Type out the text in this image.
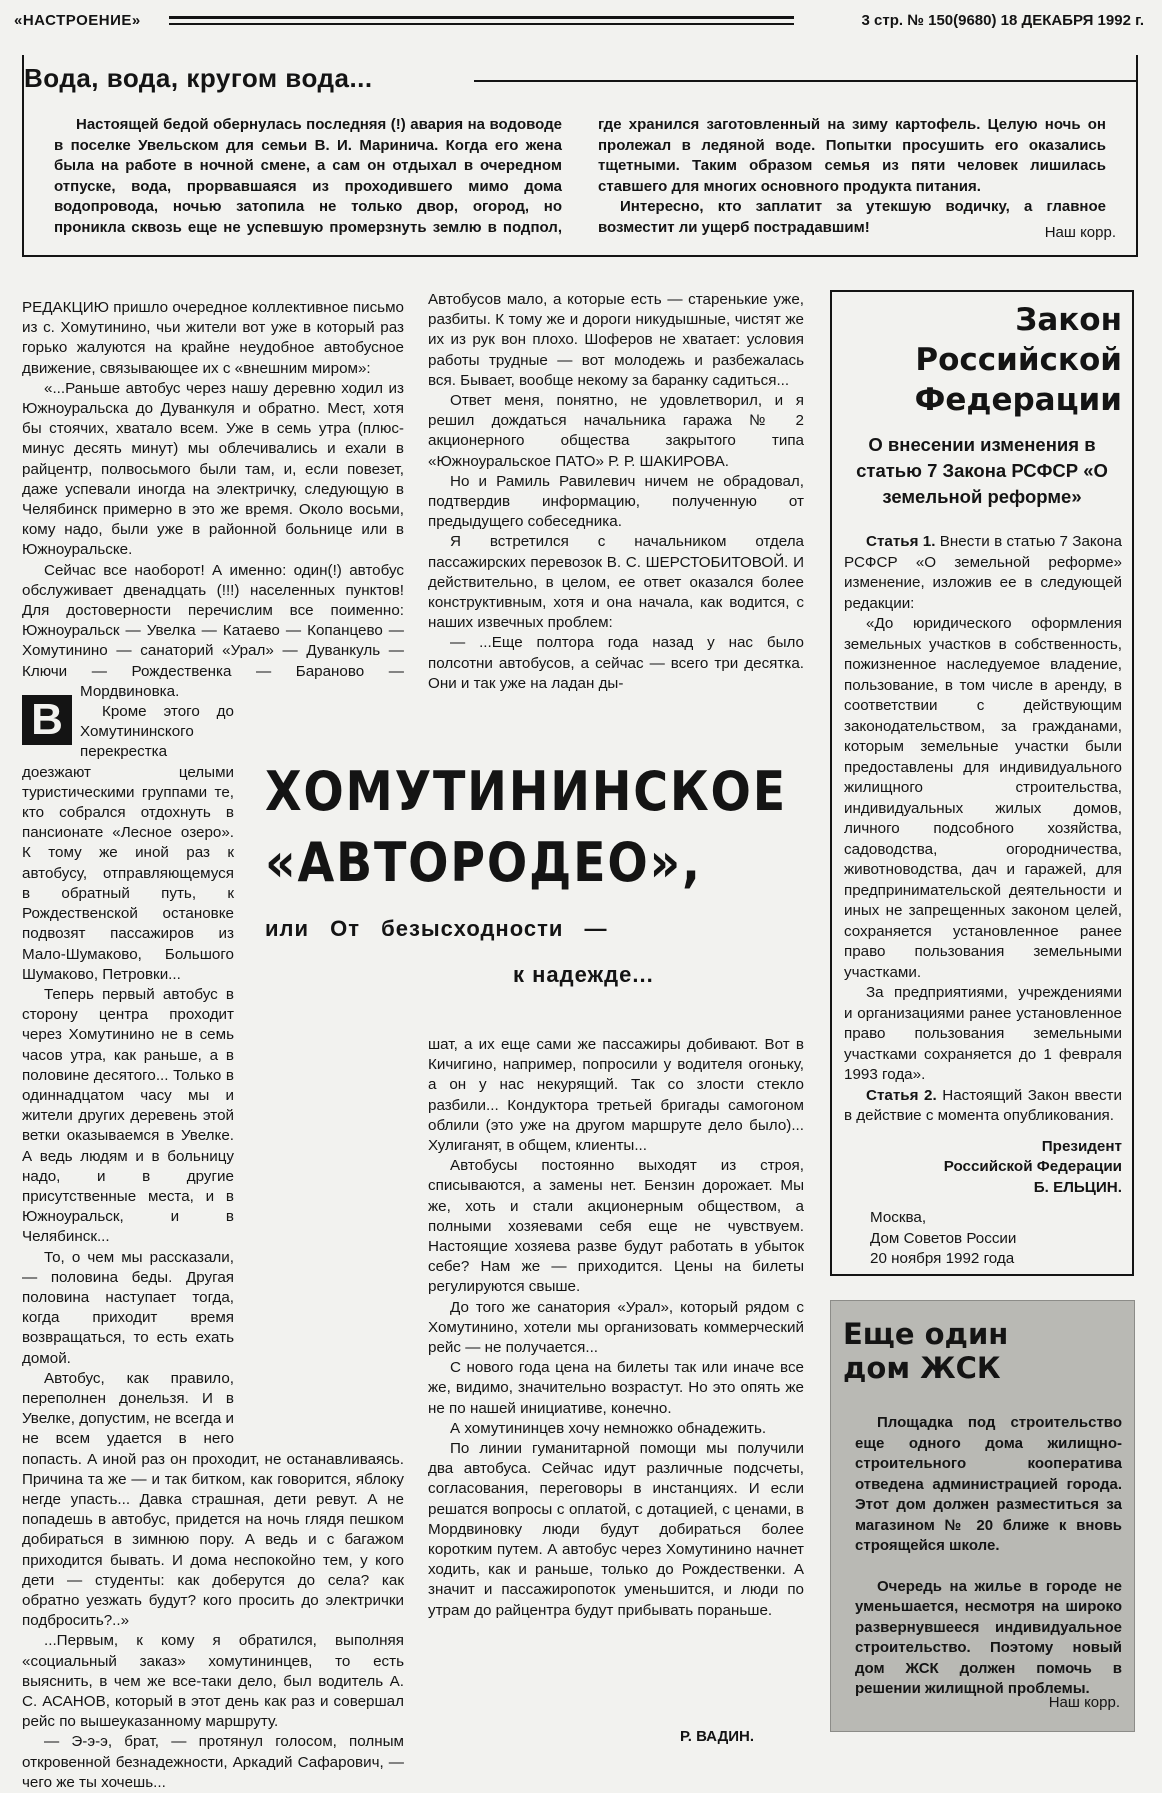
«НАСТРОЕНИЕ»	3 стр. № 150(9680) 18 ДЕКАБРЯ 1992 г.
Вода, вода, кругом вода...

Настоящей бедой обернулась последняя (!) авария на водоводе в поселке Увельском для семьи В. И. Маринича. Когда его жена была на работе в ночной смене, а сам он отдыхал в очередном отпуске, вода, прорвавшаяся из проходившего мимо дома водопровода, ночью затопила не только двор, огород, но проникла сквозь еще не успевшую промерзнуть землю в подпол, где хранился заготовленный на зиму картофель. Целую ночь он пролежал в ледяной воде. Попытки просушить его оказались тщетными. Таким образом семья из пяти человек лишилась ставшего для многих основного продукта питания.

Интересно, кто заплатит за утекшую водичку, а главное возместит ли ущерб пострадавшим!	Наш корр.
В

РЕДАКЦИЮ пришло очередное коллективное письмо из с. Хомутинино, чьи жители вот уже в который раз горько жалуются на крайне неудобное автобусное движение, связывающее их с «внешним миром»:

«...Раньше автобус через нашу деревню ходил из Южноуральска до Дуванкуля и обратно. Мест, хотя бы стоячих, хватало всем. Уже в семь утра (плюс-минус десять минут) мы облечивались и ехали в райцентр, полвосьмого были там, и, если повезет, даже успевали иногда на электричку, следующую в Челябинск примерно в это же время. Около восьми, кому надо, были уже в районной больнице или в Южноуральске.

Сейчас все наоборот! А именно: один(!) автобус обслуживает двенадцать (!!!) населенных пунктов! Для достоверности перечислим все поименно: Южноуральск — Увелка — Катаево — Копанцево — Хомутинино — санаторий «Урал» — Дуванкуль — Ключи — Рождественка — Бараново — Мордвиновка.

Кроме этого до Хомутининского перекрестка доезжают целыми туристическими группами те, кто собрался отдохнуть в пансионате «Лесное озеро». К тому же иной раз к автобусу, отправляющемуся в обратный путь, к Рождественской остановке подвозят пассажиров из Мало-Шумаково, Большого Шумаково, Петровки...

Теперь первый автобус в сторону центра проходит через Хомутинино не в семь часов утра, как раньше, а в половине десятого... Только в одиннадцатом часу мы и жители других деревень этой ветки оказываемся в Увелке. А ведь людям и в больницу надо, и в другие присутственные места, и в Южноуральск, и в Челябинск...

То, о чем мы рассказали, — половина беды. Другая половина наступает тогда, когда приходит время возвращаться, то есть ехать домой.

Автобус, как правило, переполнен донельзя. И в Увелке, допустим, не всегда и не всем удается в него попасть. А иной раз он проходит, не останавливаясь. Причина та же — и так битком, как говорится, яблоку негде упасть... Давка страшная, дети ревут. А не попадешь в автобус, придется на ночь глядя пешком добираться в зимнюю пору. А ведь и с багажом приходится бывать. И дома неспокойно тем, у кого дети — студенты: как доберутся до села? как обратно уезжать будут? кого просить до электрички подбросить?..»

...Первым, к кому я обратился, выполняя «социальный заказ» хомутининцев, то есть выяснить, в чем же все-таки дело, был водитель А. С. АСАНОВ, который в этот день как раз и совершал рейс по вышеуказанному маршруту.

— Э-э-э, брат, — протянул голосом, полным откровенной безнадежности, Аркадий Сафарович, — чего же ты хочешь...

Автобусов мало, а которые есть — старенькие уже, разбиты. К тому же и дороги никудышные, чистят же их из рук вон плохо. Шоферов не хватает: условия работы трудные — вот молодежь и разбежалась вся. Бывает, вообще некому за баранку садиться...

Ответ меня, понятно, не удовлетворил, и я решил дождаться начальника гаража № 2 акционерного общества закрытого типа «Южноуральское ПАТО» Р. Р. ШАКИРОВА.

Но и Рамиль Равилевич ничем не обрадовал, подтвердив информацию, полученную от предыдущего собеседника.

Я встретился с начальником отдела пассажирских перевозок В. С. ШЕРСТОБИТОВОЙ. И действительно, в целом, ее ответ оказался более конструктивным, хотя и она начала, как водится, с наших извечных проблем:

— ...Еще полтора года назад у нас было полсотни автобусов, а сейчас — всего три десятка. Они и так уже на ладан ды-

ХОМУТИНИНСКОЕ
«АВТОРОДЕО»,
или От безысходности —
к надежде...

шат, а их еще сами же пассажиры добивают. Вот в Кичигино, например, попросили у водителя огоньку, а он у нас некурящий. Так со злости стекло разбили... Кондуктора третьей бригады самогоном облили (это уже на другом маршруте дело было)... Хулиганят, в общем, клиенты...

Автобусы постоянно выходят из строя, списываются, а замены нет. Бензин дорожает. Мы же, хоть и стали акционерным обществом, а полными хозяевами себя еще не чувствуем. Настоящие хозяева разве будут работать в убыток себе? Нам же — приходится. Цены на билеты регулируются свыше.

До того же санатория «Урал», который рядом с Хомутинино, хотели мы организовать коммерческий рейс — не получается...

С нового года цена на билеты так или иначе все же, видимо, значительно возрастут. Но это опять же не по нашей инициативе, конечно.

А хомутининцев хочу немножко обнадежить.

По линии гуманитарной помощи мы получили два автобуса. Сейчас идут различные подсчеты, согласования, переговоры в инстанциях. И если решатся вопросы с оплатой, с дотацией, с ценами, в Мордвиновку люди будут добираться более коротким путем. А автобус через Хомутинино начнет ходить, как и раньше, только до Рождественки. А значит и пассажиропоток уменьшится, и люди по утрам до райцентра будут прибывать пораньше.

Р. ВАДИН.
Закон
Российской
Федерации
О внесении изменения в статью 7 Закона РСФСР «О земельной реформе»

Статья 1. Внести в статью 7 Закона РСФСР «О земельной реформе» изменение, изложив ее в следующей редакции:

«До юридического оформления земельных участков в собственность, пожизненное наследуемое владение, пользование, в том числе в аренду, в соответствии с действующим законодательством, за гражданами, которым земельные участки были предоставлены для индивидуального жилищного строительства, индивидуальных жилых домов, личного подсобного хозяйства, садоводства, огородничества, животноводства, дач и гаражей, для предпринимательской деятельности и иных не запрещенных законом целей, сохраняется установленное ранее право пользования земельными участками.

За предприятиями, учреждениями и организациями ранее установленное право пользования земельными участками сохраняется до 1 февраля 1993 года».

Статья 2. Настоящий Закон ввести в действие с момента опубликования.

Президент
Российской Федерации
Б. ЕЛЬЦИН.
Москва,
Дом Советов России
20 ноября 1992 года
Еще один
дом ЖСК

Площадка под строительство еще одного дома жилищно-строительного кооператива отведена администрацией города. Этот дом должен разместиться за магазином № 20 ближе к вновь строящейся школе.

Очередь на жилье в городе не уменьшается, несмотря на широко развернувшееся индивидуальное строительство. Поэтому новый дом ЖСК должен помочь в решении жилищной проблемы.

Наш корр.
